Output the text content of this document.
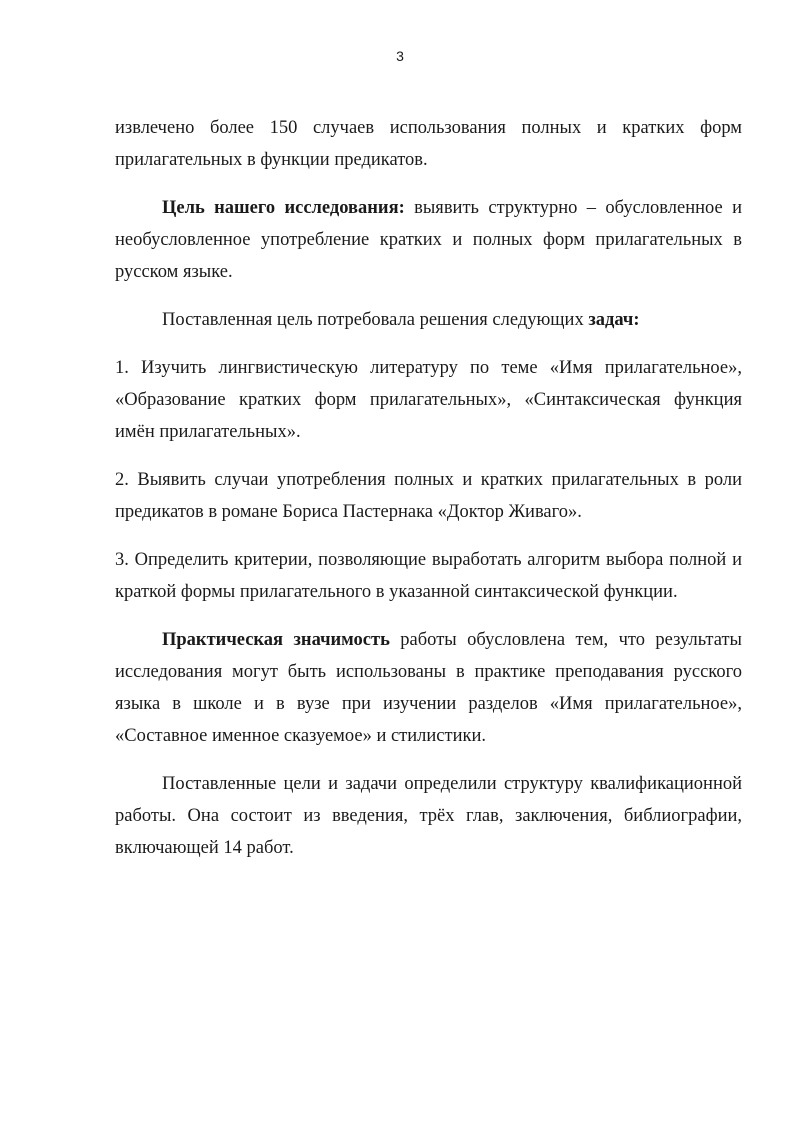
3

извлечено более 150 случаев использования полных и кратких форм прилагательных в функции предикатов.

Цель нашего исследования: выявить структурно – обусловленное и необусловленное употребление кратких и полных форм прилагательных в русском языке.

Поставленная цель потребовала решения следующих задач:

1. Изучить лингвистическую литературу по теме «Имя прилагательное», «Образование кратких форм прилагательных», «Синтаксическая функция имён прилагательных».

2. Выявить случаи употребления полных и кратких прилагательных в роли предикатов в романе Бориса Пастернака «Доктор Живаго».

3. Определить критерии, позволяющие выработать алгоритм выбора полной и краткой формы прилагательного в указанной синтаксической функции.

Практическая значимость работы обусловлена тем, что результаты исследования могут быть использованы в практике преподавания русского языка в школе и в вузе при изучении разделов «Имя прилагательное», «Составное именное сказуемое» и стилистики.

Поставленные цели и задачи определили структуру квалификационной работы. Она состоит из введения, трёх глав, заключения, библиографии, включающей 14 работ.
